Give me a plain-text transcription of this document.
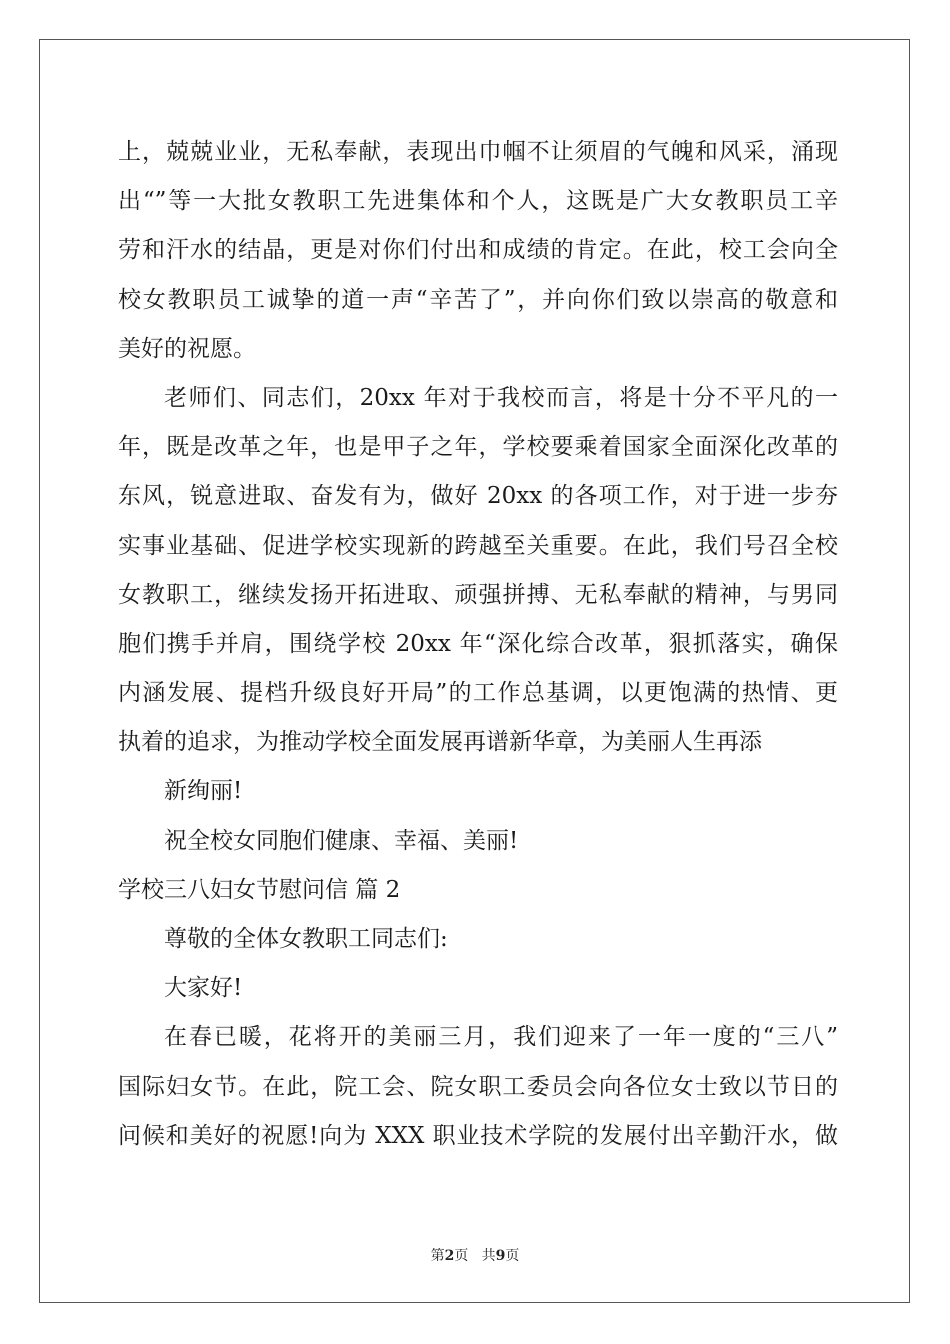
上，兢兢业业，无私奉献，表现出巾帼不让须眉的气魄和风采，涌现
出“”等一大批女教职工先进集体和个人，这既是广大女教职员工辛
劳和汗水的结晶，更是对你们付出和成绩的肯定。在此，校工会向全
校女教职员工诚挚的道一声“辛苦了”，并向你们致以崇高的敬意和
美好的祝愿。
老师们、同志们，20xx 年对于我校而言，将是十分不平凡的一
年，既是改革之年，也是甲子之年，学校要乘着国家全面深化改革的
东风，锐意进取、奋发有为，做好 20xx 的各项工作，对于进一步夯
实事业基础、促进学校实现新的跨越至关重要。在此，我们号召全校
女教职工，继续发扬开拓进取、顽强拼搏、无私奉献的精神，与男同
胞们携手并肩，围绕学校 20xx 年“深化综合改革，狠抓落实，确保
内涵发展、提档升级良好开局”的工作总基调，以更饱满的热情、更
执着的追求，为推动学校全面发展再谱新华章，为美丽人生再添
新绚丽!
祝全校女同胞们健康、幸福、美丽!
学校三八妇女节慰问信 篇 2
尊敬的全体女教职工同志们:
大家好!
在春已暖，花将开的美丽三月，我们迎来了一年一度的“三八”
国际妇女节。在此，院工会、院女职工委员会向各位女士致以节日的
问候和美好的祝愿!向为 XXX 职业技术学院的发展付出辛勤汗水，做
第2页   共9页
